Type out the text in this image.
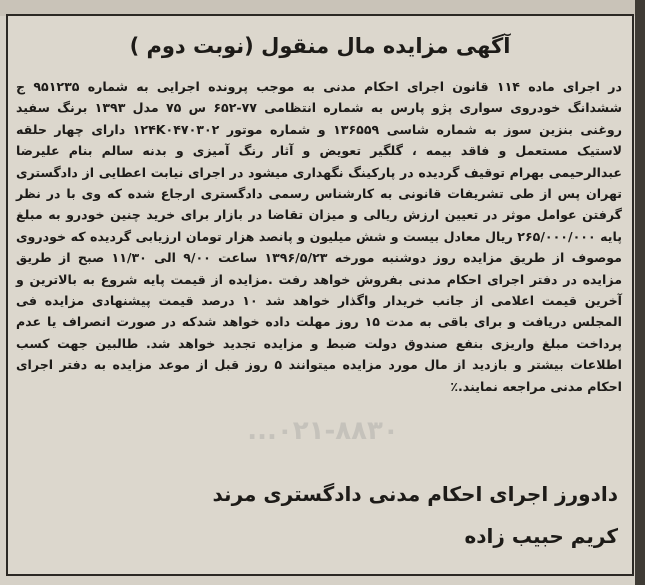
آگهی مزایده مال منقول (نوبت دوم )

در اجرای ماده ۱۱۴ قانون اجرای احکام مدنی به موجب پرونده اجرایی به شماره ۹۵۱۲۳۵ ج ششدانگ خودروی سواری پژو پارس به شماره انتظامی ۷۷-۶۵۲ س ۷۵ مدل ۱۳۹۳ برنگ سفید روغنی بنزین سوز به شماره شاسی ۱۳۶۵۵۹ و شماره موتور ۱۲۴K۰۴۷۰۳۰۲ دارای چهار حلقه لاستیک مستعمل و فاقد بیمه ، گلگیر تعویض و آثار رنگ آمیزی و بدنه سالم بنام علیرضا عبدالرحیمی بهرام توقیف گردیده در پارکینگ نگهداری میشود در اجرای نیابت اعطایی از دادگستری تهران پس از طی تشریفات قانونی به کارشناس رسمی دادگستری ارجاع شده که وی با در نظر گرفتن عوامل موثر در تعیین ارزش ریالی و میزان تقاضا در بازار برای خرید چنین خودرو به مبلغ پایه ۲۶۵/۰۰۰/۰۰۰ ریال معادل بیست و شش میلیون و پانصد هزار تومان ارزیابی گردیده که خودروی موصوف از طریق مزایده روز دوشنبه مورخه ۱۳۹۶/۵/۲۳ ساعت ۹/۰۰ الی ۱۱/۳۰ صبح از طریق مزایده در دفتر اجرای احکام مدنی بفروش خواهد رفت .مزایده از قیمت پایه شروع به بالاترین و آخرین قیمت اعلامی از جانب خریدار واگذار خواهد شد ۱۰ درصد قیمت پیشنهادی مزایده فی المجلس دریافت و برای باقی به مدت ۱۵ روز مهلت داده خواهد شدکه در صورت انصراف یا عدم پرداخت مبلغ واریزی بنفع صندوق دولت ضبط و مزایده تجدید خواهد شد. طالبین جهت کسب اطلاعات بیشتر و بازدید از مال مورد مزایده میتوانند ۵ روز قبل از موعد مزایده به دفتر اجرای احکام مدنی مراجعه نمایند.٪

۰۲۱-۸۸۳۰...
دادورز اجرای احکام مدنی دادگستری مرند
کریم حبیب زاده
